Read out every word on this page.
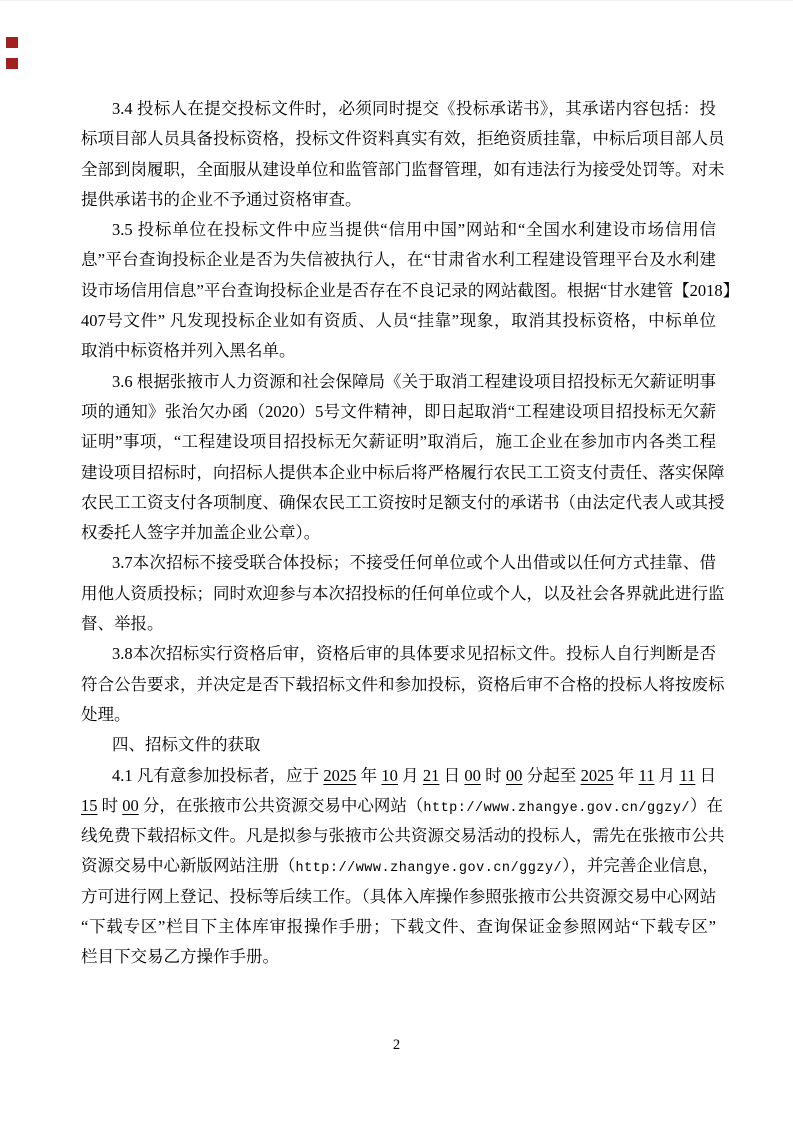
3.4 投标人在提交投标文件时，必须同时提交《投标承诺书》，其承诺内容包括：投
标项目部人员具备投标资格，投标文件资料真实有效，拒绝资质挂靠，中标后项目部人员
全部到岗履职，全面服从建设单位和监管部门监督管理，如有违法行为接受处罚等。对未
提供承诺书的企业不予通过资格审查。
3.5 投标单位在投标文件中应当提供“信用中国”网站和“全国水利建设市场信用信
息”平台查询投标企业是否为失信被执行人，在“甘肃省水利工程建设管理平台及水利建
设市场信用信息”平台查询投标企业是否存在不良记录的网站截图。根据“甘水建管【2018】
407号文件” 凡发现投标企业如有资质、人员“挂靠”现象，取消其投标资格，中标单位
取消中标资格并列入黑名单。
3.6 根据张掖市人力资源和社会保障局《关于取消工程建设项目招投标无欠薪证明事
项的通知》张治欠办函（2020）5号文件精神，即日起取消“工程建设项目招投标无欠薪
证明”事项，“工程建设项目招投标无欠薪证明”取消后，施工企业在参加市内各类工程
建设项目招标时，向招标人提供本企业中标后将严格履行农民工工资支付责任、落实保障
农民工工资支付各项制度、确保农民工工资按时足额支付的承诺书（由法定代表人或其授
权委托人签字并加盖企业公章）。
3.7本次招标不接受联合体投标；不接受任何单位或个人出借或以任何方式挂靠、借
用他人资质投标；同时欢迎参与本次招投标的任何单位或个人，以及社会各界就此进行监
督、举报。
3.8本次招标实行资格后审，资格后审的具体要求见招标文件。投标人自行判断是否
符合公告要求，并决定是否下载招标文件和参加投标，资格后审不合格的投标人将按废标
处理。
四、招标文件的获取
4.1 凡有意参加投标者，应于 2025 年 10 月 21 日 00 时 00 分起至 2025 年 11 月 11 日
15 时 00 分，在张掖市公共资源交易中心网站（http://www.zhangye.gov.cn/ggzy/）在
线免费下载招标文件。凡是拟参与张掖市公共资源交易活动的投标人，需先在张掖市公共
资源交易中心新版网站注册（http://www.zhangye.gov.cn/ggzy/），并完善企业信息，
方可进行网上登记、投标等后续工作。（具体入库操作参照张掖市公共资源交易中心网站
“下载专区”栏目下主体库审报操作手册；下载文件、查询保证金参照网站“下载专区”
栏目下交易乙方操作手册。
2
